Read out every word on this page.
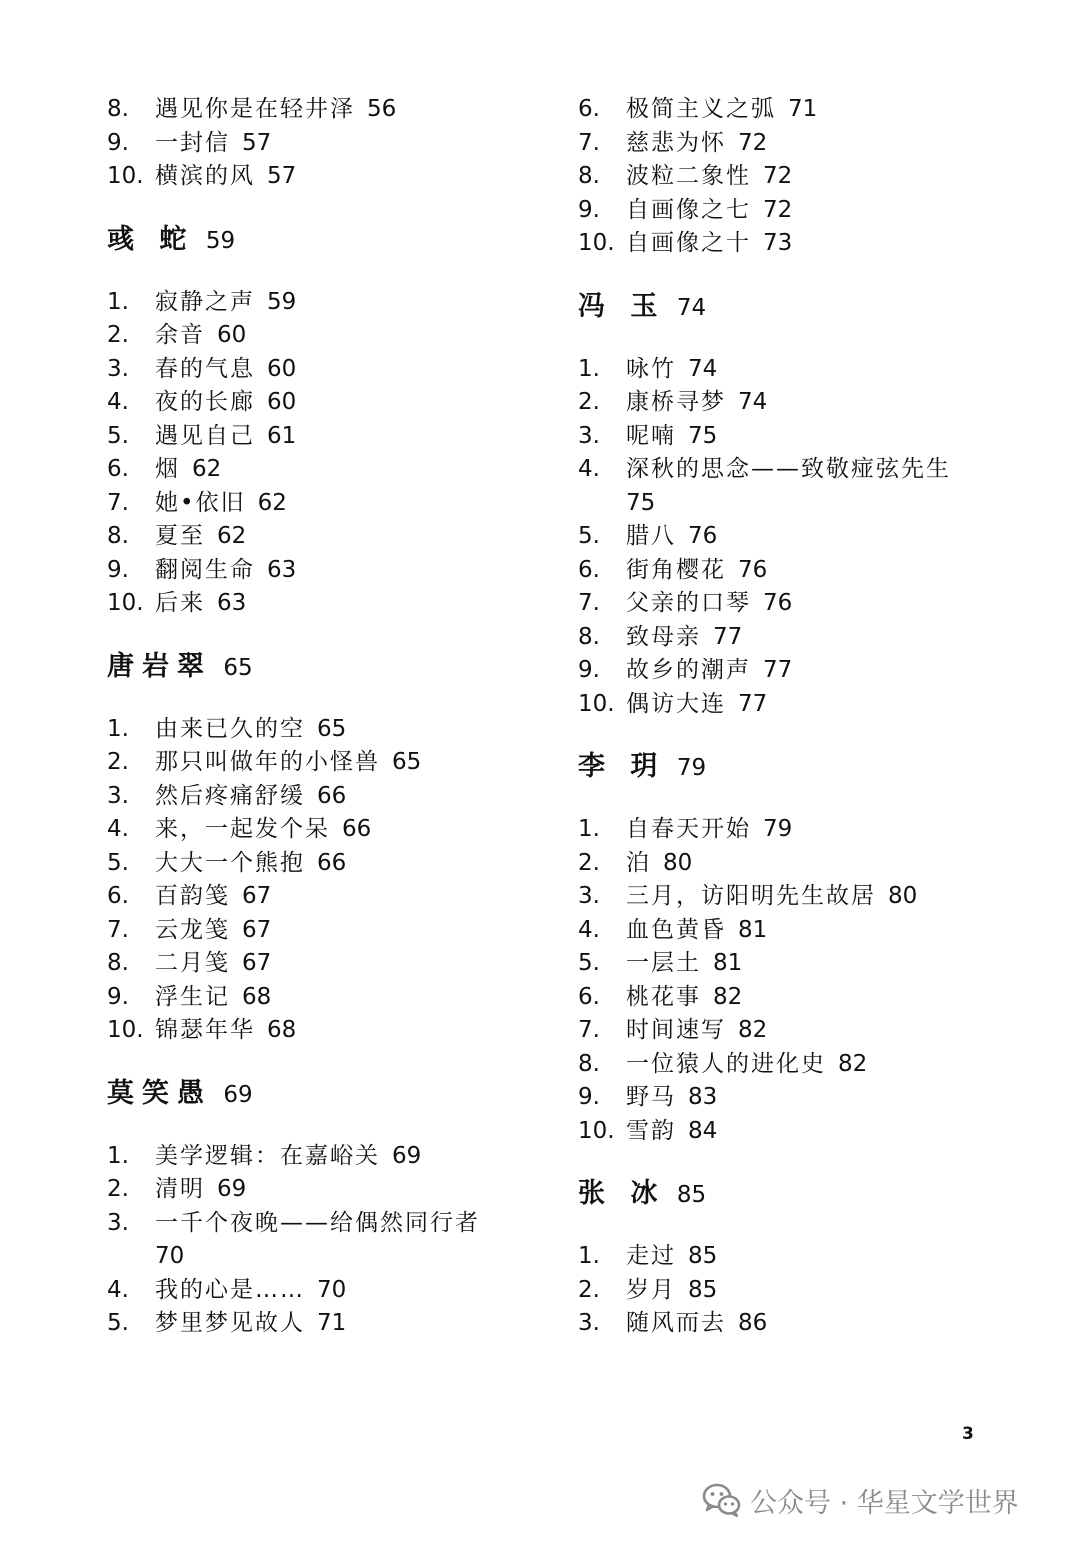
8.	遇见你是在轻井泽 56
9.	一封信 57
10. 横滨的风 57
彧 蛇 59
1.	寂静之声 59
2.	余音 60
3.	春的气息 60
4.	夜的长廊 60
5.	遇见自己 61
6.	烟 62
7.	她•依旧 62
8.	夏至 62
9.	翻阅生命 63
10. 后来 63
唐岩翠 65
1.	由来已久的空 65
2.	那只叫做年的小怪兽 65
3.	然后疼痛舒缓 66
4.	来，一起发个呆 66
5.	大大一个熊抱 66
6.	百韵笺 67
7.	云龙笺 67
8.	二月笺 67
9.	浮生记 68
10. 锦瑟年华 68
莫笑愚 69
1.	美学逻辑：在嘉峪关 69
2.	清明 69
3.	一千个夜晚——给偶然同行者
70
4.	我的心是…… 70
5.	梦里梦见故人 71
6.	极简主义之弧 71
7.	慈悲为怀 72
8.	波粒二象性 72
9.	自画像之七 72
10. 自画像之十 73
冯 玉 74
1.	咏竹 74
2.	康桥寻梦 74
3.	呢喃 75
4.	深秋的思念——致敬痖弦先生
75
5.	腊八 76
6.	街角樱花 76
7.	父亲的口琴 76
8.	致母亲 77
9.	故乡的潮声 77
10. 偶访大连 77
李 玥 79
1.	自春天开始 79
2.	泊 80
3.	三月，访阳明先生故居 80
4.	血色黄昏 81
5.	一层土 81
6.	桃花事 82
7.	时间速写 82
8.	一位猿人的进化史 82
9.	野马 83
10. 雪韵 84
张 冰 85
1.	走过 85
2.	岁月 85
3.	随风而去 86
3
公众号 · 华星文学世界
